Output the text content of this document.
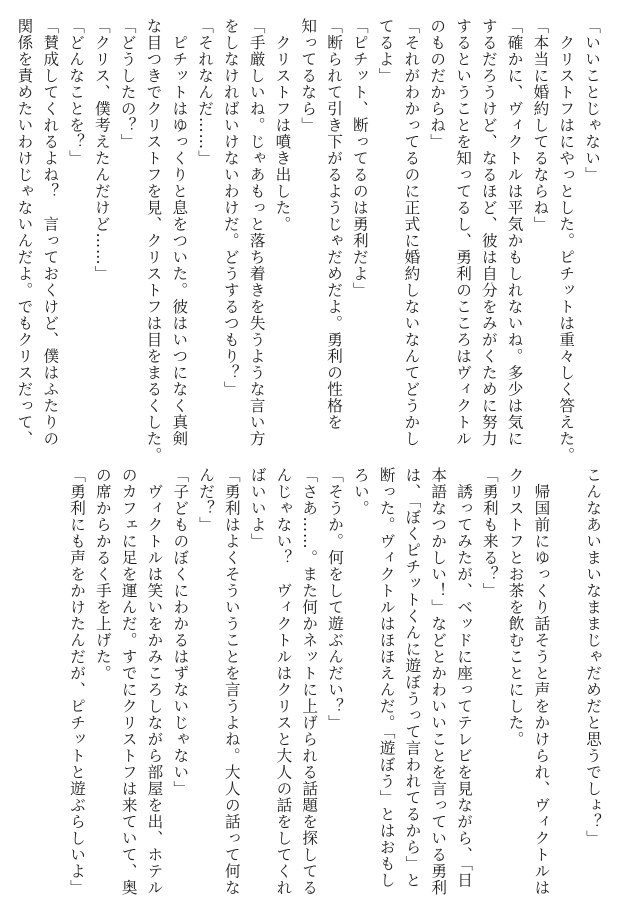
「いいことじゃない」
　クリストフはにやっとした。ピチットは重々しく答えた。
「本当に婚約してるならね」
「確かに、ヴィクトルは平気かもしれないね。多少は気に
するだろうけど、なるほど、彼は自分をみがくために努力
するということを知ってるし、勇利のこころはヴィクトル
のものだからね」
「それがわかってるのに正式に婚約しないなんてどうかし
てるよ」
「ピチット、断ってるのは勇利だよ」
「断られて引き下がるようじゃだめだよ。勇利の性格を
知ってるなら」
　クリストフは噴き出した。
「手厳しいね。じゃあもっと落ち着きを失うような言い方
をしなければいけないわけだ。どうするつもり？」
「それなんだ……」
　ピチットはゆっくりと息をついた。彼はいつになく真剣
な目つきでクリストフを見、クリストフは目をまるくした。
「どうしたの？」
「クリス、僕考えたんだけど……」
「どんなことを？」
「賛成してくれるよね？　言っておくけど、僕はふたりの
関係を責めたいわけじゃないんだよ。でもクリスだって、
こんなあいまいなままじゃだめだと思うでしょ？」

　帰国前にゆっくり話そうと声をかけられ、ヴィクトルは
クリストフとお茶を飲むことにした。
「勇利も来る？」
　誘ってみたが、ベッドに座ってテレビを見ながら、「日
本語なつかしい！」などとかわいいことを言っている勇利
は、「ぼくピチットくんに遊ぼうって言われてるから」と
断った。ヴィクトルはほほえんだ。「遊ぼう」とはおもし
ろい。
「そうか。何をして遊ぶんだい？」
「さあ……。また何かネットに上げられる話題を探してる
んじゃない？　ヴィクトルはクリスと大人の話をしてくれ
ばいいよ」
「勇利はよくそういうことを言うよね。大人の話って何な
んだ？」
「子どものぼくにわかるはずないじゃない」
　ヴィクトルは笑いをかみころしながら部屋を出、ホテル
のカフェに足を運んだ。すでにクリストフは来ていて、奥
の席からかるく手を上げた。
「勇利にも声をかけたんだが、ピチットと遊ぶらしいよ」
